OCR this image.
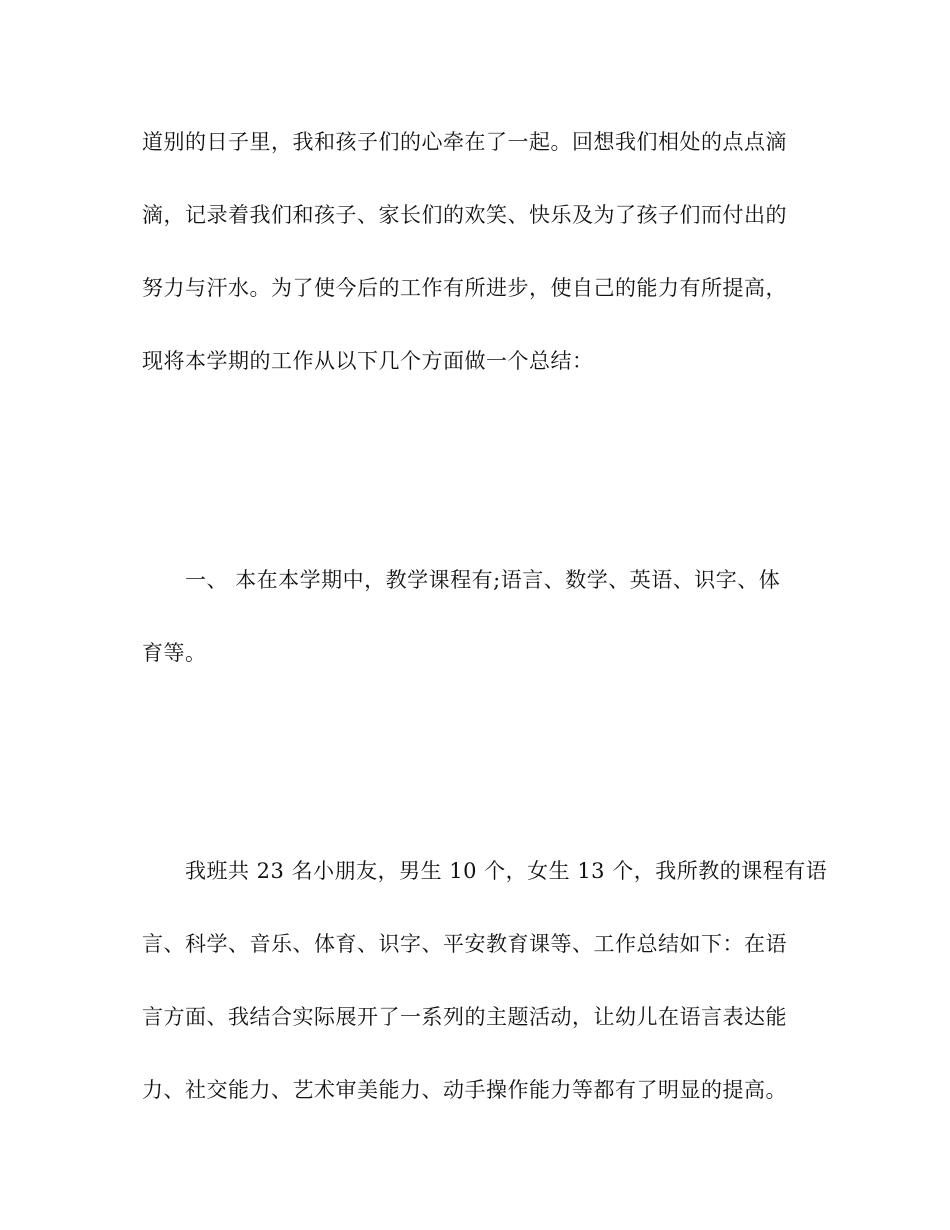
道别的日子里，我和孩子们的心牵在了一起。回想我们相处的点点滴
滴，记录着我们和孩子、家长们的欢笑、快乐及为了孩子们而付出的
努力与汗水。为了使今后的工作有所进步，使自己的能力有所提高，
现将本学期的工作从以下几个方面做一个总结：
一、 本在本学期中，教学课程有;语言、数学、英语、识字、体
育等。
我班共 23 名小朋友，男生 10 个，女生 13 个，我所教的课程有语
言、科学、音乐、体育、识字、平安教育课等、工作总结如下：在语
言方面、我结合实际展开了一系列的主题活动，让幼儿在语言表达能
力、社交能力、艺术审美能力、动手操作能力等都有了明显的提高。
